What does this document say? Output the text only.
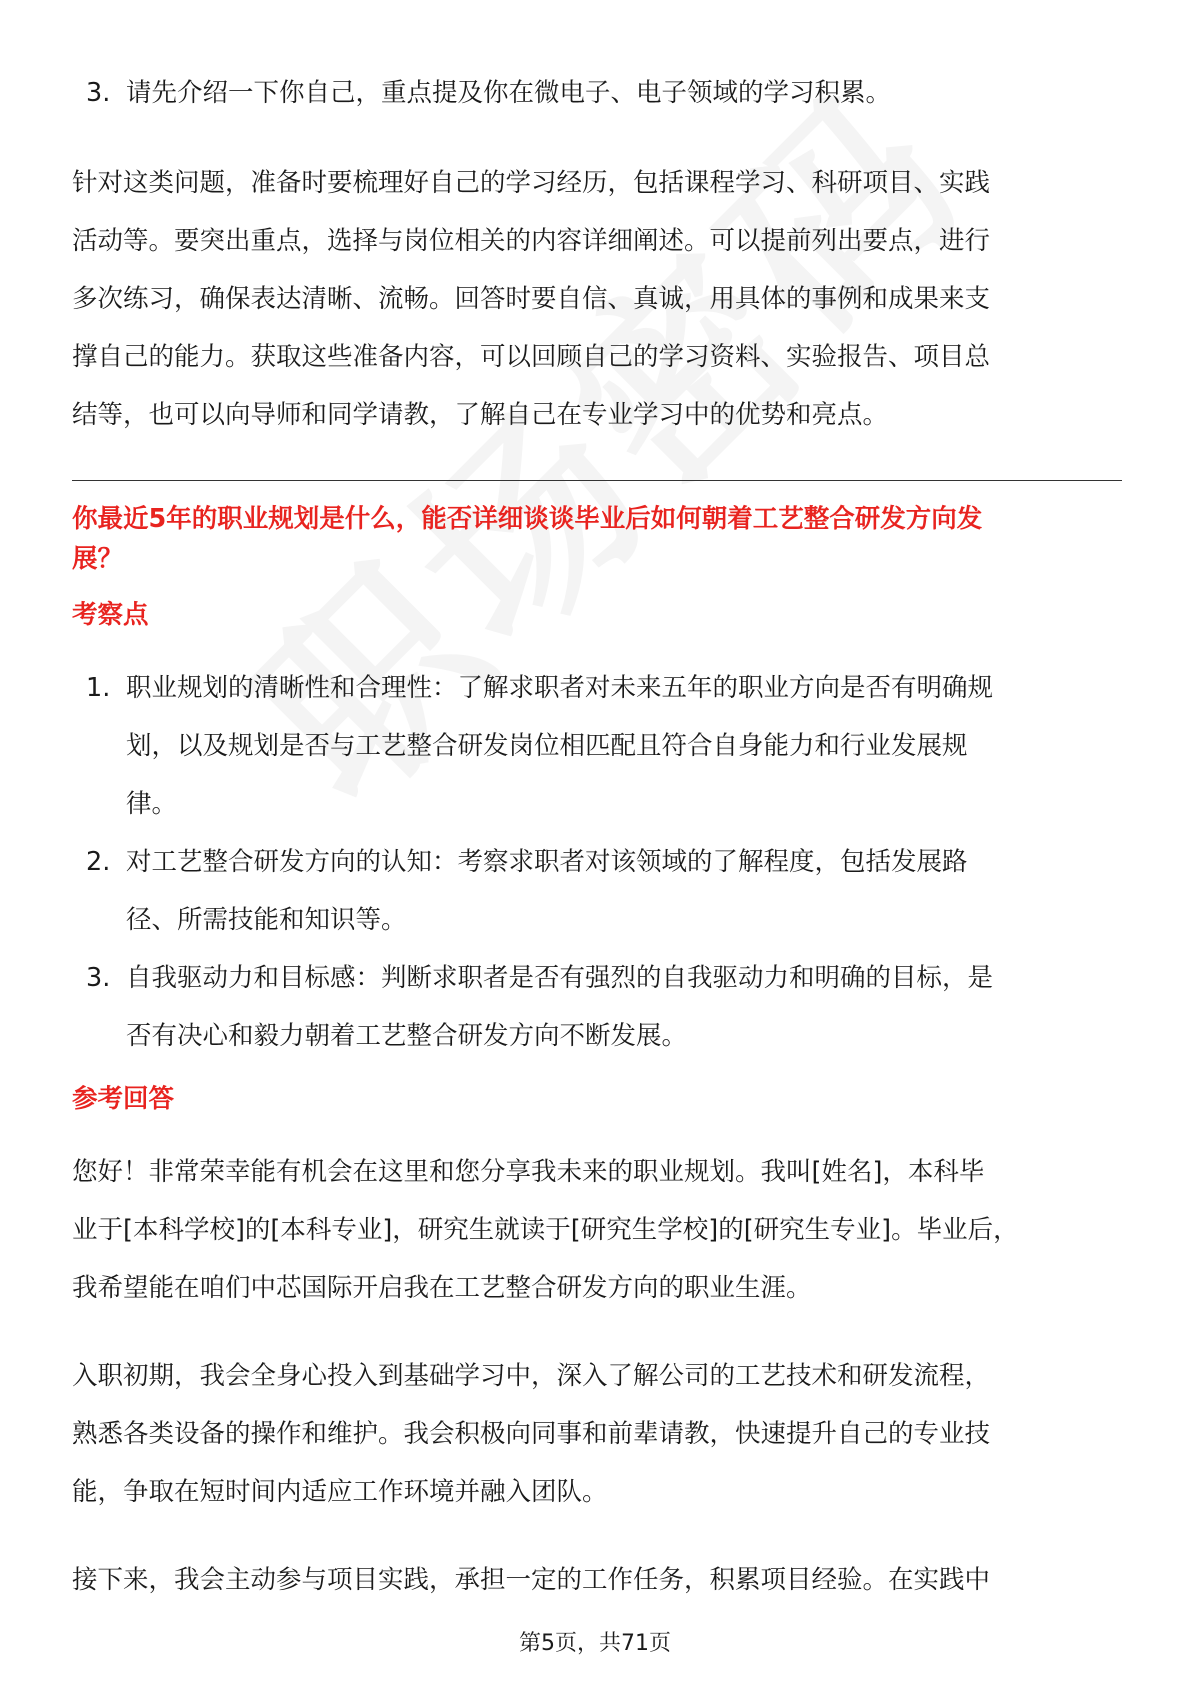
3. 请先介绍一下你自己，重点提及你在微电子、电子领域的学习积累。

针对这类问题，准备时要梳理好自己的学习经历，包括课程学习、科研项目、实践

活动等。要突出重点，选择与岗位相关的内容详细阐述。可以提前列出要点，进行

多次练习，确保表达清晰、流畅。回答时要自信、真诚，用具体的事例和成果来支

撑自己的能力。获取这些准备内容，可以回顾自己的学习资料、实验报告、项目总

结等，也可以向导师和同学请教，了解自己在专业学习中的优势和亮点。

你最近5年的职业规划是什么，能否详细谈谈毕业后如何朝着工艺整合研发方向发

展？

考察点

1. 职业规划的清晰性和合理性：了解求职者对未来五年的职业方向是否有明确规
划，以及规划是否与工艺整合研发岗位相匹配且符合自身能力和行业发展规
律。
2. 对工艺整合研发方向的认知：考察求职者对该领域的了解程度，包括发展路
径、所需技能和知识等。
3. 自我驱动力和目标感：判断求职者是否有强烈的自我驱动力和明确的目标，是
否有决心和毅力朝着工艺整合研发方向不断发展。

参考回答

您好！非常荣幸能有机会在这里和您分享我未来的职业规划。我叫[姓名]，本科毕

业于[本科学校]的[本科专业]，研究生就读于[研究生学校]的[研究生专业]。毕业后，

我希望能在咱们中芯国际开启我在工艺整合研发方向的职业生涯。

入职初期，我会全身心投入到基础学习中，深入了解公司的工艺技术和研发流程，

熟悉各类设备的操作和维护。我会积极向同事和前辈请教，快速提升自己的专业技

能，争取在短时间内适应工作环境并融入团队。

接下来，我会主动参与项目实践，承担一定的工作任务，积累项目经验。在实践中

第5页，共71页
